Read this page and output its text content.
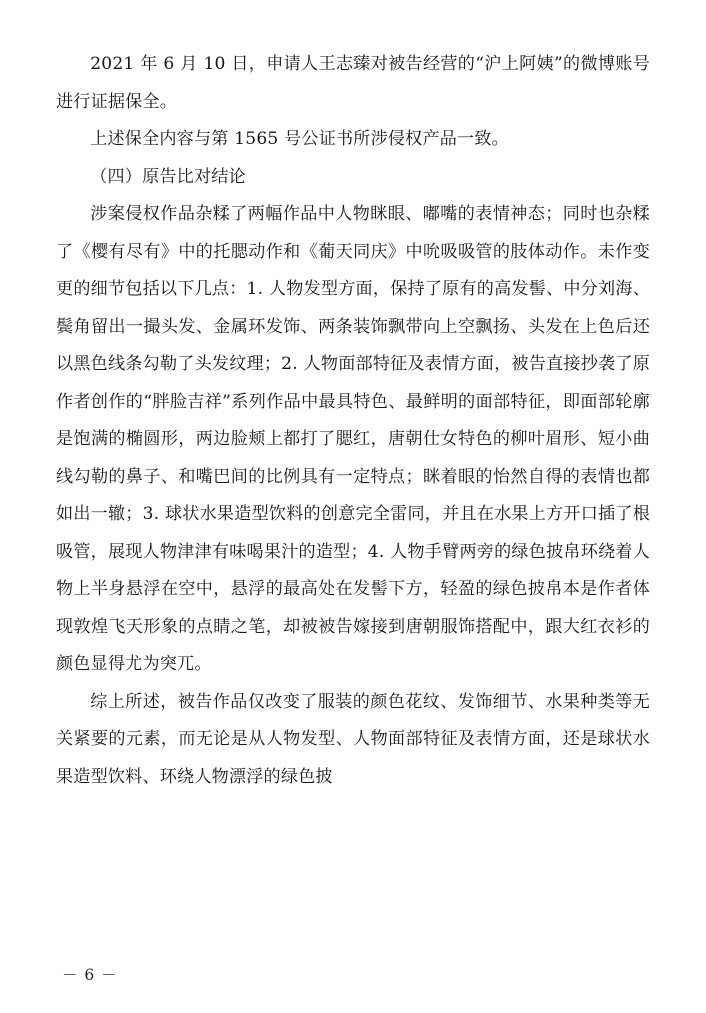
2021 年 6 月 10 日，申请人王志臻对被告经营的“沪上阿姨”的微博账号进行证据保全。

上述保全内容与第 1565 号公证书所涉侵权产品一致。

（四）原告比对结论

涉案侵权作品杂糅了两幅作品中人物眯眼、嘟嘴的表情神态；同时也杂糅了《樱有尽有》中的托腮动作和《葡天同庆》中吮吸吸管的肢体动作。未作变更的细节包括以下几点：1. 人物发型方面，保持了原有的高发髻、中分刘海、鬓角留出一撮头发、金属环发饰、两条装饰飘带向上空飘扬、头发在上色后还以黑色线条勾勒了头发纹理；2. 人物面部特征及表情方面，被告直接抄袭了原作者创作的“胖脸吉祥”系列作品中最具特色、最鲜明的面部特征，即面部轮廓是饱满的椭圆形，两边脸颊上都打了腮红，唐朝仕女特色的柳叶眉形、短小曲线勾勒的鼻子、和嘴巴间的比例具有一定特点；眯着眼的怡然自得的表情也都如出一辙；3. 球状水果造型饮料的创意完全雷同，并且在水果上方开口插了根吸管，展现人物津津有味喝果汁的造型；4. 人物手臂两旁的绿色披帛环绕着人物上半身悬浮在空中，悬浮的最高处在发髻下方，轻盈的绿色披帛本是作者体现敦煌飞天形象的点睛之笔，却被被告嫁接到唐朝服饰搭配中，跟大红衣衫的颜色显得尤为突兀。

综上所述，被告作品仅改变了服装的颜色花纹、发饰细节、水果种类等无关紧要的元素，而无论是从人物发型、人物面部特征及表情方面，还是球状水果造型饮料、环绕人物漂浮的绿色披

－ 6 －
